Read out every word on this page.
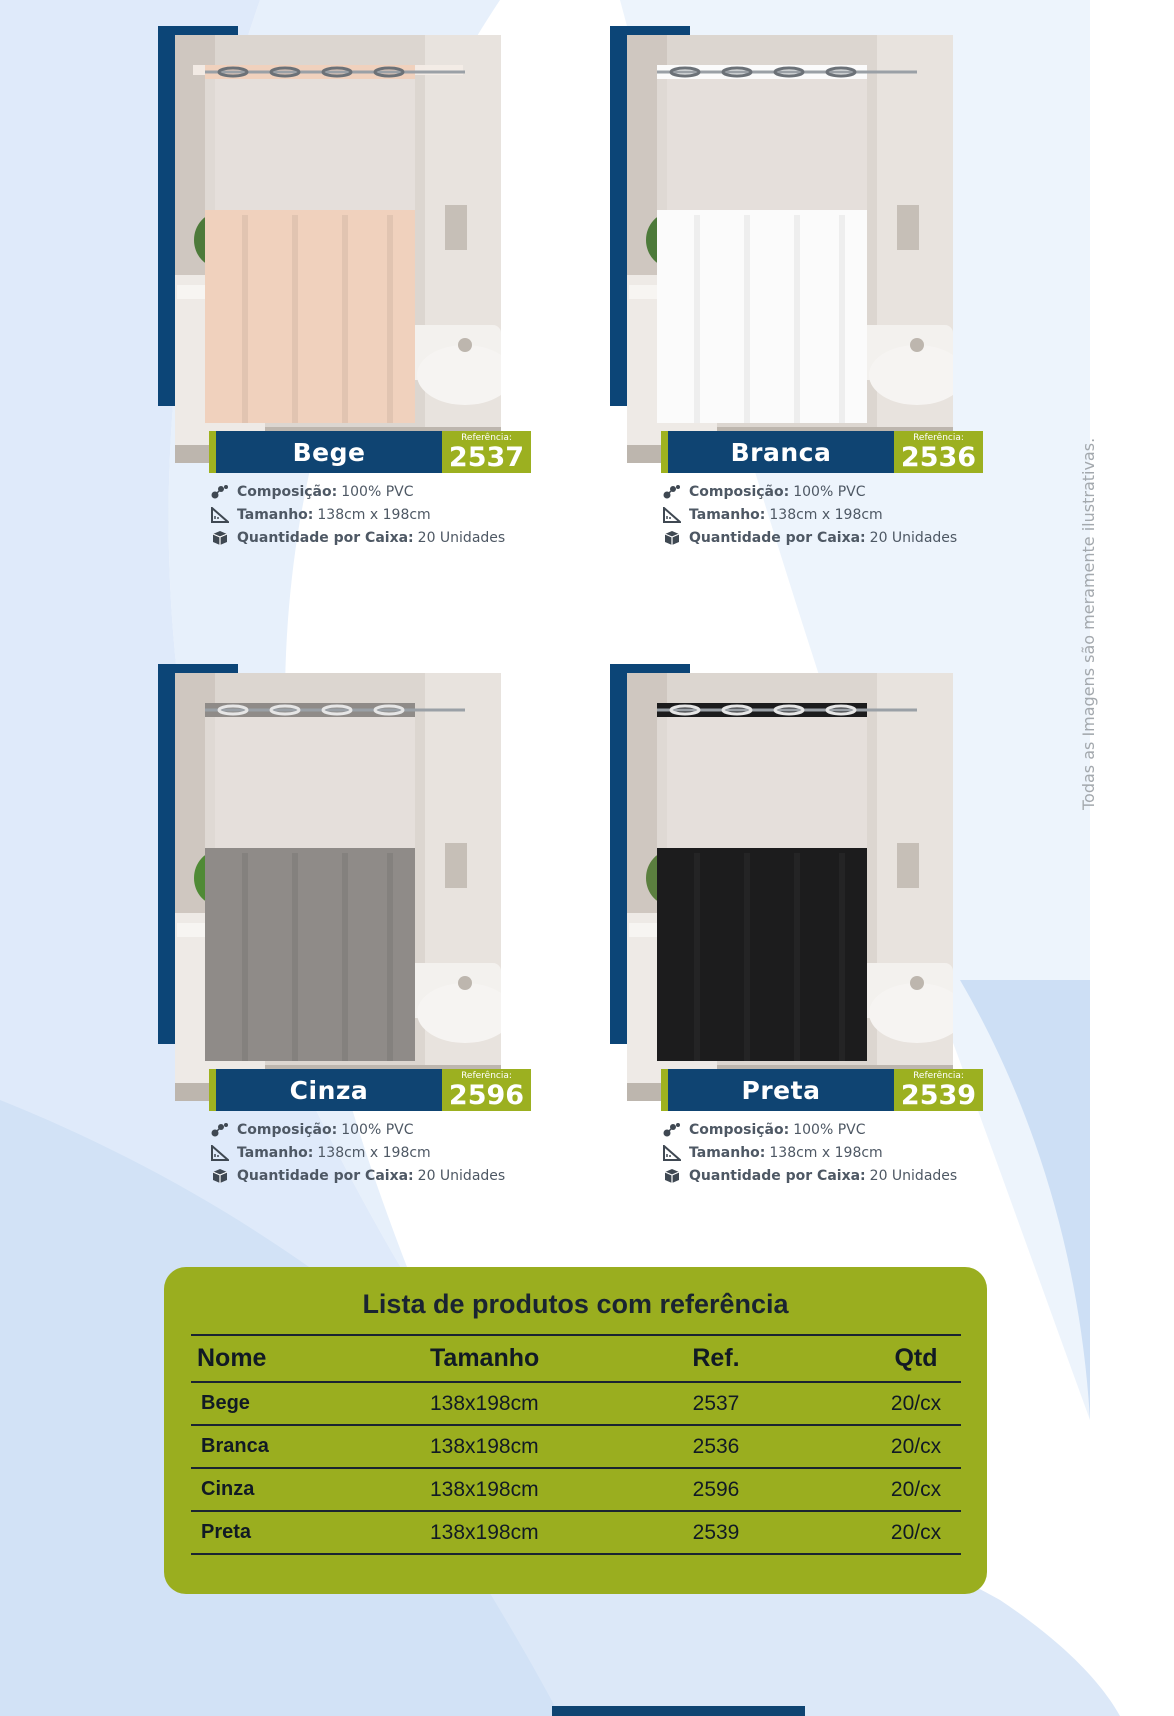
Bege	Referência:
2537
Composição: 100% PVC
Tamanho: 138cm x 198cm
Quantidade por Caixa: 20 Unidades
Branca	Referência:
2536
Composição: 100% PVC
Tamanho: 138cm x 198cm
Quantidade por Caixa: 20 Unidades
Cinza	Referência:
2596
Composição: 100% PVC
Tamanho: 138cm x 198cm
Quantidade por Caixa: 20 Unidades
Preta	Referência:
2539
Composição: 100% PVC
Tamanho: 138cm x 198cm
Quantidade por Caixa: 20 Unidades
Todas as Imagens são meramente ilustrativas.
Lista de produtos com referência
Nome	Tamanho	Ref.	Qtd
Bege	138x198cm	2537	20/cx
Branca	138x198cm	2536	20/cx
Cinza	138x198cm	2596	20/cx
Preta	138x198cm	2539	20/cx
